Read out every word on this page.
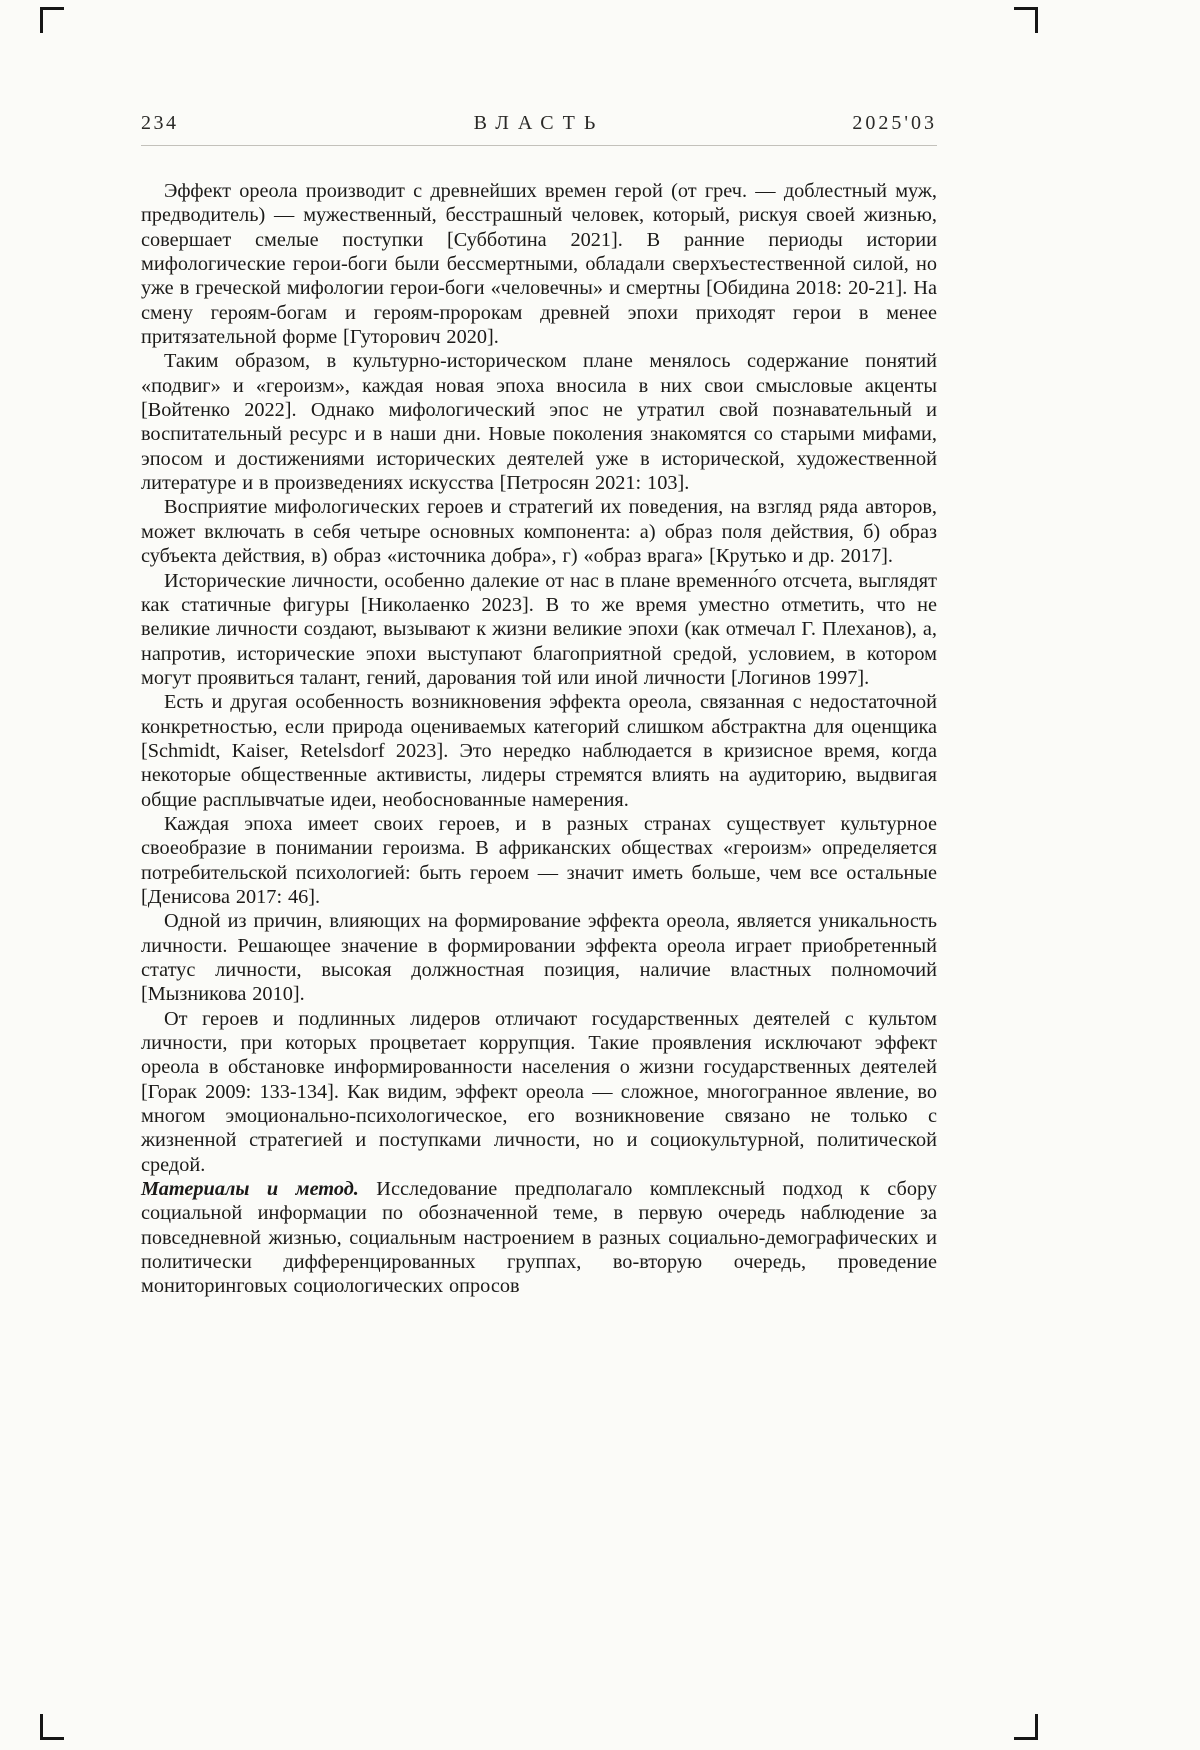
234	ВЛАСТЬ	2025'03

Эффект ореола производит с древнейших времен герой (от греч. — доблестный муж, предводитель) — мужественный, бесстрашный человек, который, рискуя своей жизнью, совершает смелые поступки [Субботина 2021]. В ранние периоды истории мифологические герои-боги были бессмертными, обладали сверхъестественной силой, но уже в греческой мифологии герои-боги «человечны» и смертны [Обидина 2018: 20-21]. На смену героям-богам и героям-пророкам древней эпохи приходят герои в менее притязательной форме [Гуторович 2020].

Таким образом, в культурно-историческом плане менялось содержание понятий «подвиг» и «героизм», каждая новая эпоха вносила в них свои смысловые акценты [Войтенко 2022]. Однако мифологический эпос не утратил свой познавательный и воспитательный ресурс и в наши дни. Новые поколения знакомятся со старыми мифами, эпосом и достижениями исторических деятелей уже в исторической, художественной литературе и в произведениях искусства [Петросян 2021: 103].

Восприятие мифологических героев и стратегий их поведения, на взгляд ряда авторов, может включать в себя четыре основных компонента: а) образ поля действия, б) образ субъекта действия, в) образ «источника добра», г) «образ врага» [Крутько и др. 2017].

Исторические личности, особенно далекие от нас в плане временно́го отсчета, выглядят как статичные фигуры [Николаенко 2023]. В то же время уместно отметить, что не великие личности создают, вызывают к жизни великие эпохи (как отмечал Г. Плеханов), а, напротив, исторические эпохи выступают благоприятной средой, условием, в котором могут проявиться талант, гений, дарования той или иной личности [Логинов 1997].

Есть и другая особенность возникновения эффекта ореола, связанная с недостаточной конкретностью, если природа оцениваемых категорий слишком абстрактна для оценщика [Schmidt, Kaiser, Retelsdorf 2023]. Это нередко наблюдается в кризисное время, когда некоторые общественные активисты, лидеры стремятся влиять на аудиторию, выдвигая общие расплывчатые идеи, необоснованные намерения.

Каждая эпоха имеет своих героев, и в разных странах существует культурное своеобразие в понимании героизма. В африканских обществах «героизм» определяется потребительской психологией: быть героем — значит иметь больше, чем все остальные [Денисова 2017: 46].

Одной из причин, влияющих на формирование эффекта ореола, является уникальность личности. Решающее значение в формировании эффекта ореола играет приобретенный статус личности, высокая должностная позиция, наличие властных полномочий [Мызникова 2010].

От героев и подлинных лидеров отличают государственных деятелей с культом личности, при которых процветает коррупция. Такие проявления исключают эффект ореола в обстановке информированности населения о жизни государственных деятелей [Горак 2009: 133-134]. Как видим, эффект ореола — сложное, многогранное явление, во многом эмоционально-психологическое, его возникновение связано не только с жизненной стратегией и поступками личности, но и социокультурной, политической средой.

Материалы и метод. Исследование предполагало комплексный подход к сбору социальной информации по обозначенной теме, в первую очередь наблюдение за повседневной жизнью, социальным настроением в разных социально-демографических и политически дифференцированных группах, во-вторую очередь, проведение мониторинговых социологических опросов
